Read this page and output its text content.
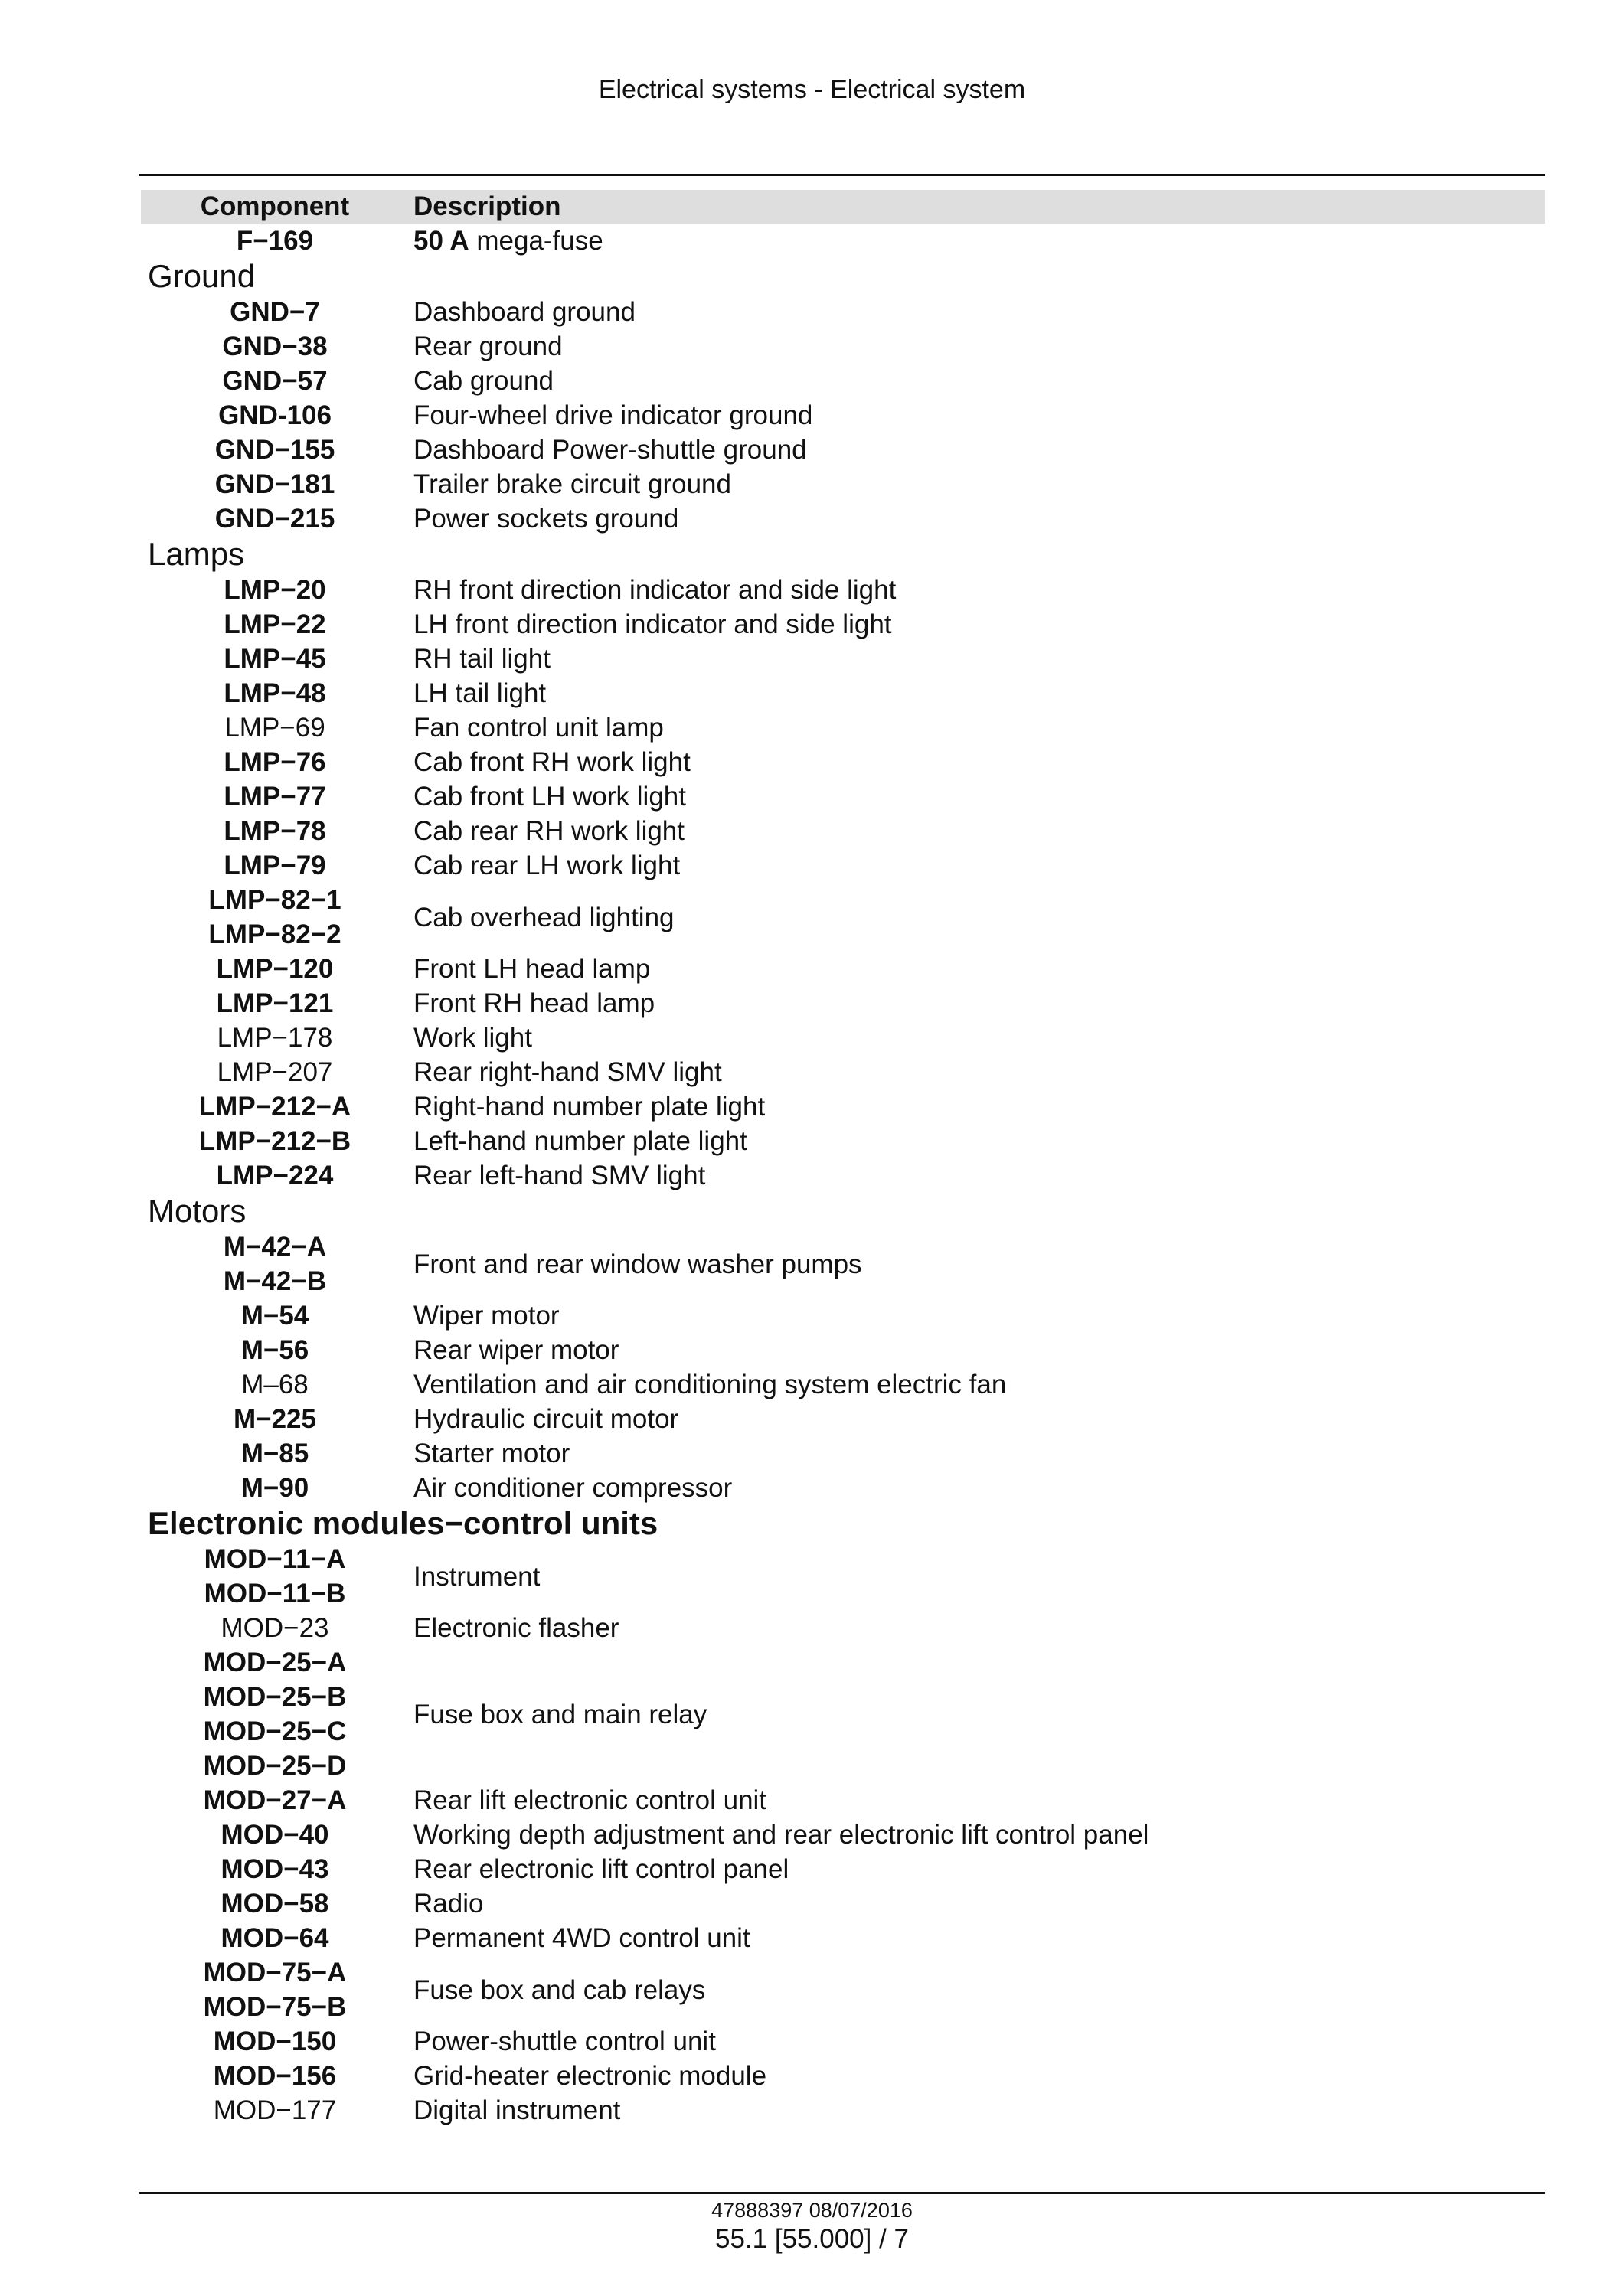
Electrical systems - Electrical system
Component	Description
F−169	50 A mega-fuse
Ground	
GND−7	Dashboard ground
GND−38	Rear ground
GND−57	Cab ground
GND-106	Four-wheel drive indicator ground
GND−155	Dashboard Power-shuttle ground
GND−181	Trailer brake circuit ground
GND−215	Power sockets ground
Lamps	
LMP−20	RH front direction indicator and side light
LMP−22	LH front direction indicator and side light
LMP−45	RH tail light
LMP−48	LH tail light
LMP−69	Fan control unit lamp
LMP−76	Cab front RH work light
LMP−77	Cab front LH work light
LMP−78	Cab rear RH work light
LMP−79	Cab rear LH work light

LMP−82−1
LMP−82−2	Cab overhead lighting
LMP−120	Front LH head lamp
LMP−121	Front RH head lamp
LMP−178	Work light
LMP−207	Rear right-hand SMV light
LMP−212−A	Right-hand number plate light
LMP−212−B	Left-hand number plate light
LMP−224	Rear left-hand SMV light
Motors	

M−42−A
M−42−B	Front and rear window washer pumps
M−54	Wiper motor
M−56	Rear wiper motor
M–68	Ventilation and air conditioning system electric fan
M−225	Hydraulic circuit motor
M−85	Starter motor
M−90	Air conditioner compressor
Electronic modules−control units	

MOD−11−A
MOD−11−B	Instrument
MOD−23	Electronic flasher

MOD−25−A
MOD−25−B
MOD−25−C
MOD−25−D	Fuse box and main relay
MOD−27−A	Rear lift electronic control unit
MOD−40	Working depth adjustment and rear electronic lift control panel
MOD−43	Rear electronic lift control panel
MOD−58	Radio
MOD−64	Permanent 4WD control unit

MOD−75−A
MOD−75−B	Fuse box and cab relays
MOD−150	Power-shuttle control unit
MOD−156	Grid-heater electronic module
MOD−177	Digital instrument
47888397 08/07/2016
55.1 [55.000] / 7
